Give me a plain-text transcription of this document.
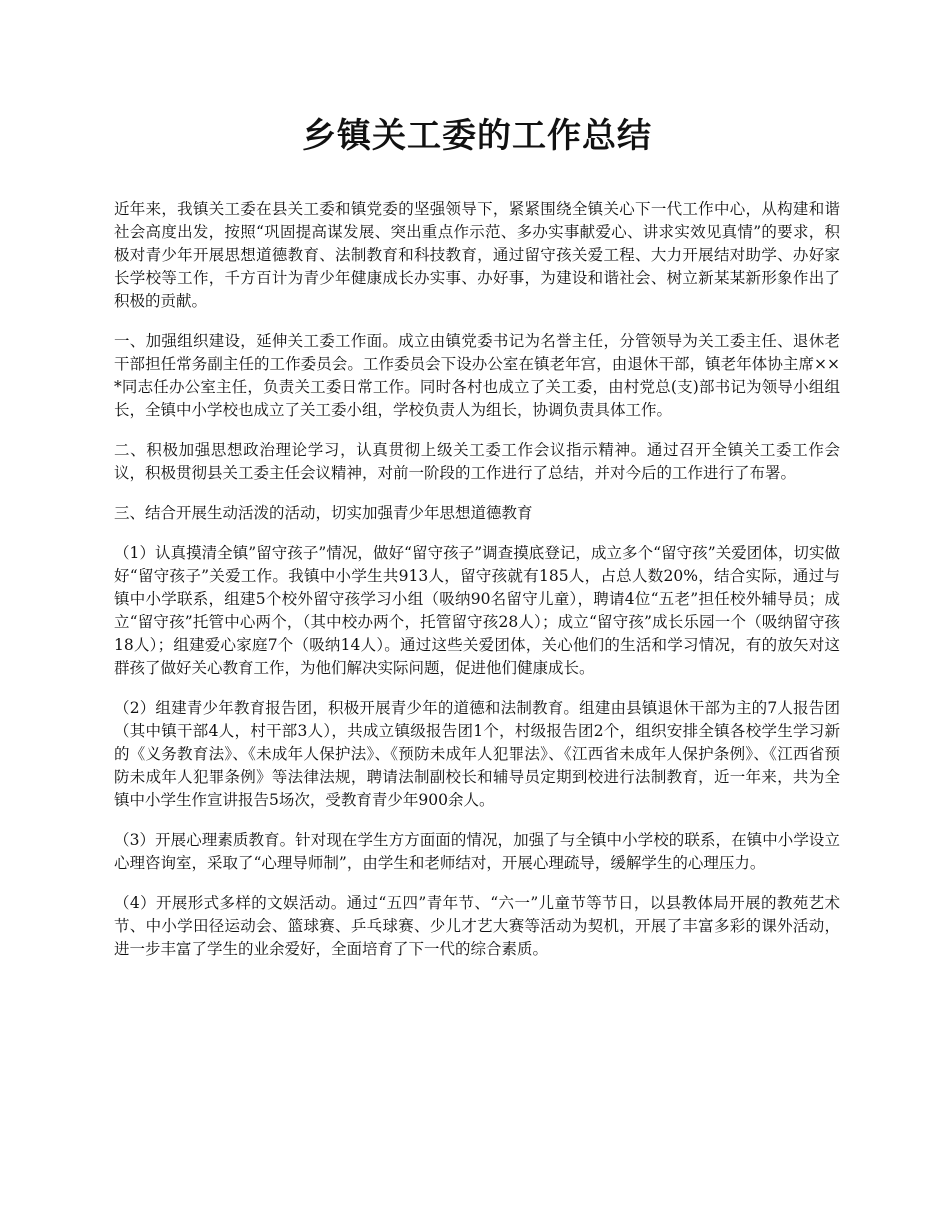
乡镇关工委的工作总结

近年来，我镇关工委在县关工委和镇党委的坚强领导下，紧紧围绕全镇关心下一代工作中心，从构建和谐社会高度出发，按照“巩固提高谋发展、突出重点作示范、多办实事献爱心、讲求实效见真情”的要求，积极对青少年开展思想道德教育、法制教育和科技教育，通过留守孩关爱工程、大力开展结对助学、办好家长学校等工作，千方百计为青少年健康成长办实事、办好事，为建设和谐社会、树立新某某新形象作出了积极的贡献。

一、加强组织建设，延伸关工委工作面。成立由镇党委书记为名誉主任，分管领导为关工委主任、退休老干部担任常务副主任的工作委员会。工作委员会下设办公室在镇老年宫，由退休干部，镇老年体协主席××*同志任办公室主任，负责关工委日常工作。同时各村也成立了关工委，由村党总(支)部书记为领导小组组长，全镇中小学校也成立了关工委小组，学校负责人为组长，协调负责具体工作。

二、积极加强思想政治理论学习，认真贯彻上级关工委工作会议指示精神。通过召开全镇关工委工作会议，积极贯彻县关工委主任会议精神，对前一阶段的工作进行了总结，并对今后的工作进行了布署。

三、结合开展生动活泼的活动，切实加强青少年思想道德教育

（1）认真摸清全镇”留守孩子”情况，做好“留守孩子”调查摸底登记，成立多个“留守孩”关爱团体，切实做好“留守孩子”关爱工作。我镇中小学生共913人，留守孩就有185人，占总人数20%，结合实际，通过与镇中小学联系，组建5个校外留守孩学习小组（吸纳90名留守儿童），聘请4位“五老”担任校外辅导员；成立“留守孩”托管中心两个，（其中校办两个，托管留守孩28人）；成立“留守孩”成长乐园一个（吸纳留守孩18人）；组建爱心家庭7个（吸纳14人）。通过这些关爱团体，关心他们的生活和学习情况，有的放矢对这群孩了做好关心教育工作，为他们解决实际问题，促进他们健康成长。

（2）组建青少年教育报告团，积极开展青少年的道德和法制教育。组建由县镇退休干部为主的7人报告团（其中镇干部4人，村干部3人），共成立镇级报告团1个，村级报告团2个，组织安排全镇各校学生学习新的《义务教育法》、《未成年人保护法》、《预防未成年人犯罪法》、《江西省未成年人保护条例》、《江西省预防未成年人犯罪条例》等法律法规，聘请法制副校长和辅导员定期到校进行法制教育，近一年来，共为全镇中小学生作宣讲报告5场次，受教育青少年900余人。

（3）开展心理素质教育。针对现在学生方方面面的情况，加强了与全镇中小学校的联系，在镇中小学设立心理咨询室，采取了“心理导师制”，由学生和老师结对，开展心理疏导，缓解学生的心理压力。

（4）开展形式多样的文娱活动。通过“五四”青年节、“六一”儿童节等节日，以县教体局开展的教苑艺术节、中小学田径运动会、篮球赛、乒乓球赛、少儿才艺大赛等活动为契机，开展了丰富多彩的课外活动，进一步丰富了学生的业余爱好，全面培育了下一代的综合素质。
